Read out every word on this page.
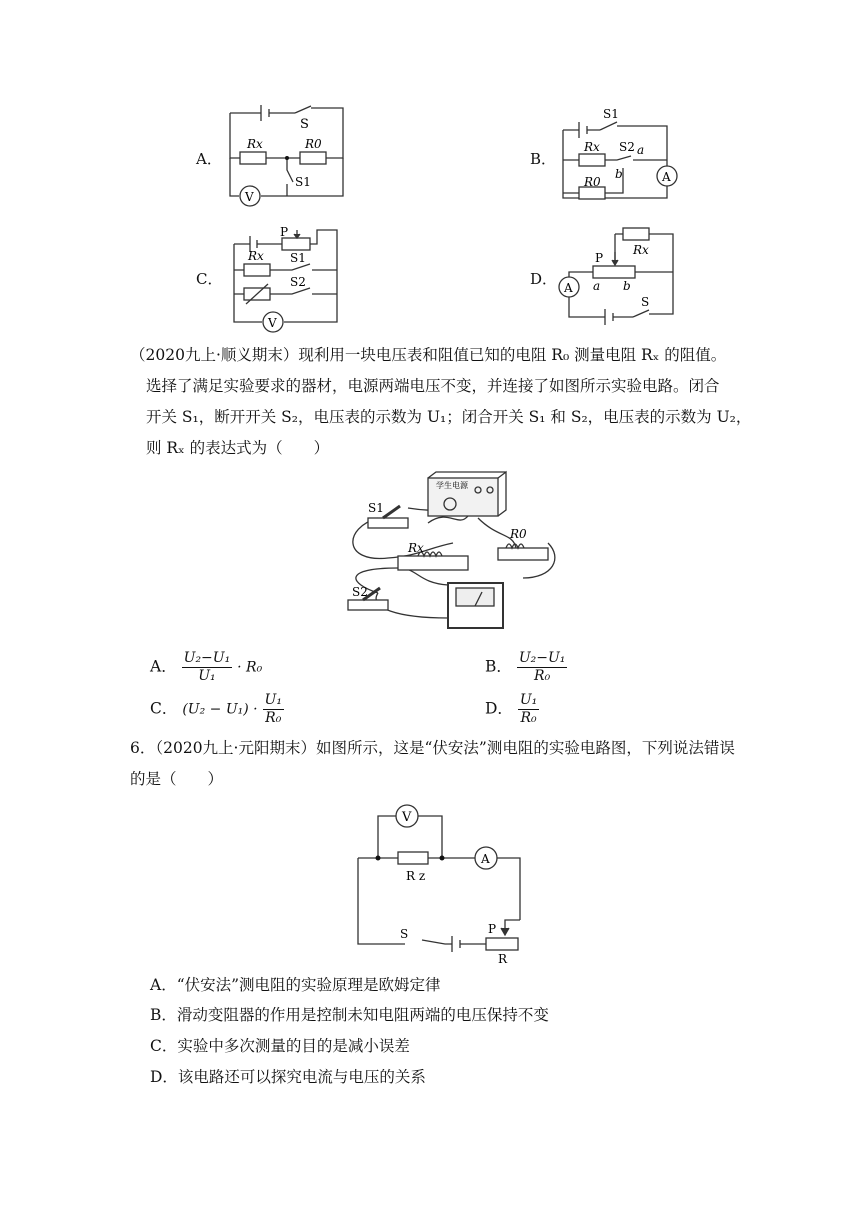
A．
S
Rx	R0
S1
V
B．
S1
Rx S2 a
b
R0	A
C．
P
Rx S1
S2
V
D．
Rx
P
a b
S
A
（2020九上·顺义期末）现利用一块电压表和阻值已知的电阻 R₀ 测量电阻 Rₓ 的阻值。
选择了满足实验要求的器材，电源两端电压不变，并连接了如图所示实验电路。闭合
开关 S₁，断开开关 S₂，电压表的示数为 U₁；闭合开关 S₁ 和 S₂，电压表的示数为 U₂，
则 Rₓ 的表达式为（　　）
学生电源
S1
Rx
R0
S2
A． $\frac{\text{U₂−U₁}}{\text{U₁}} \cdot R_0$	B． $\frac{\text{U₂−U₁}}{\text{R₀}}$
C． $(U_2 - U_1) \cdot \frac{\text{U₁}}{\text{R₀}}$	D． $\frac{\text{U₁}}{\text{R₀}}$
6．（2020九上·元阳期末）如图所示，这是“伏安法”测电阻的实验电路图，下列说法错误
的是（　　）
V
A
R z
S	P
R
A．“伏安法”测电阻的实验原理是欧姆定律
B．滑动变阻器的作用是控制未知电阻两端的电压保持不变
C．实验中多次测量的目的是减小误差
D．该电路还可以探究电流与电压的关系
